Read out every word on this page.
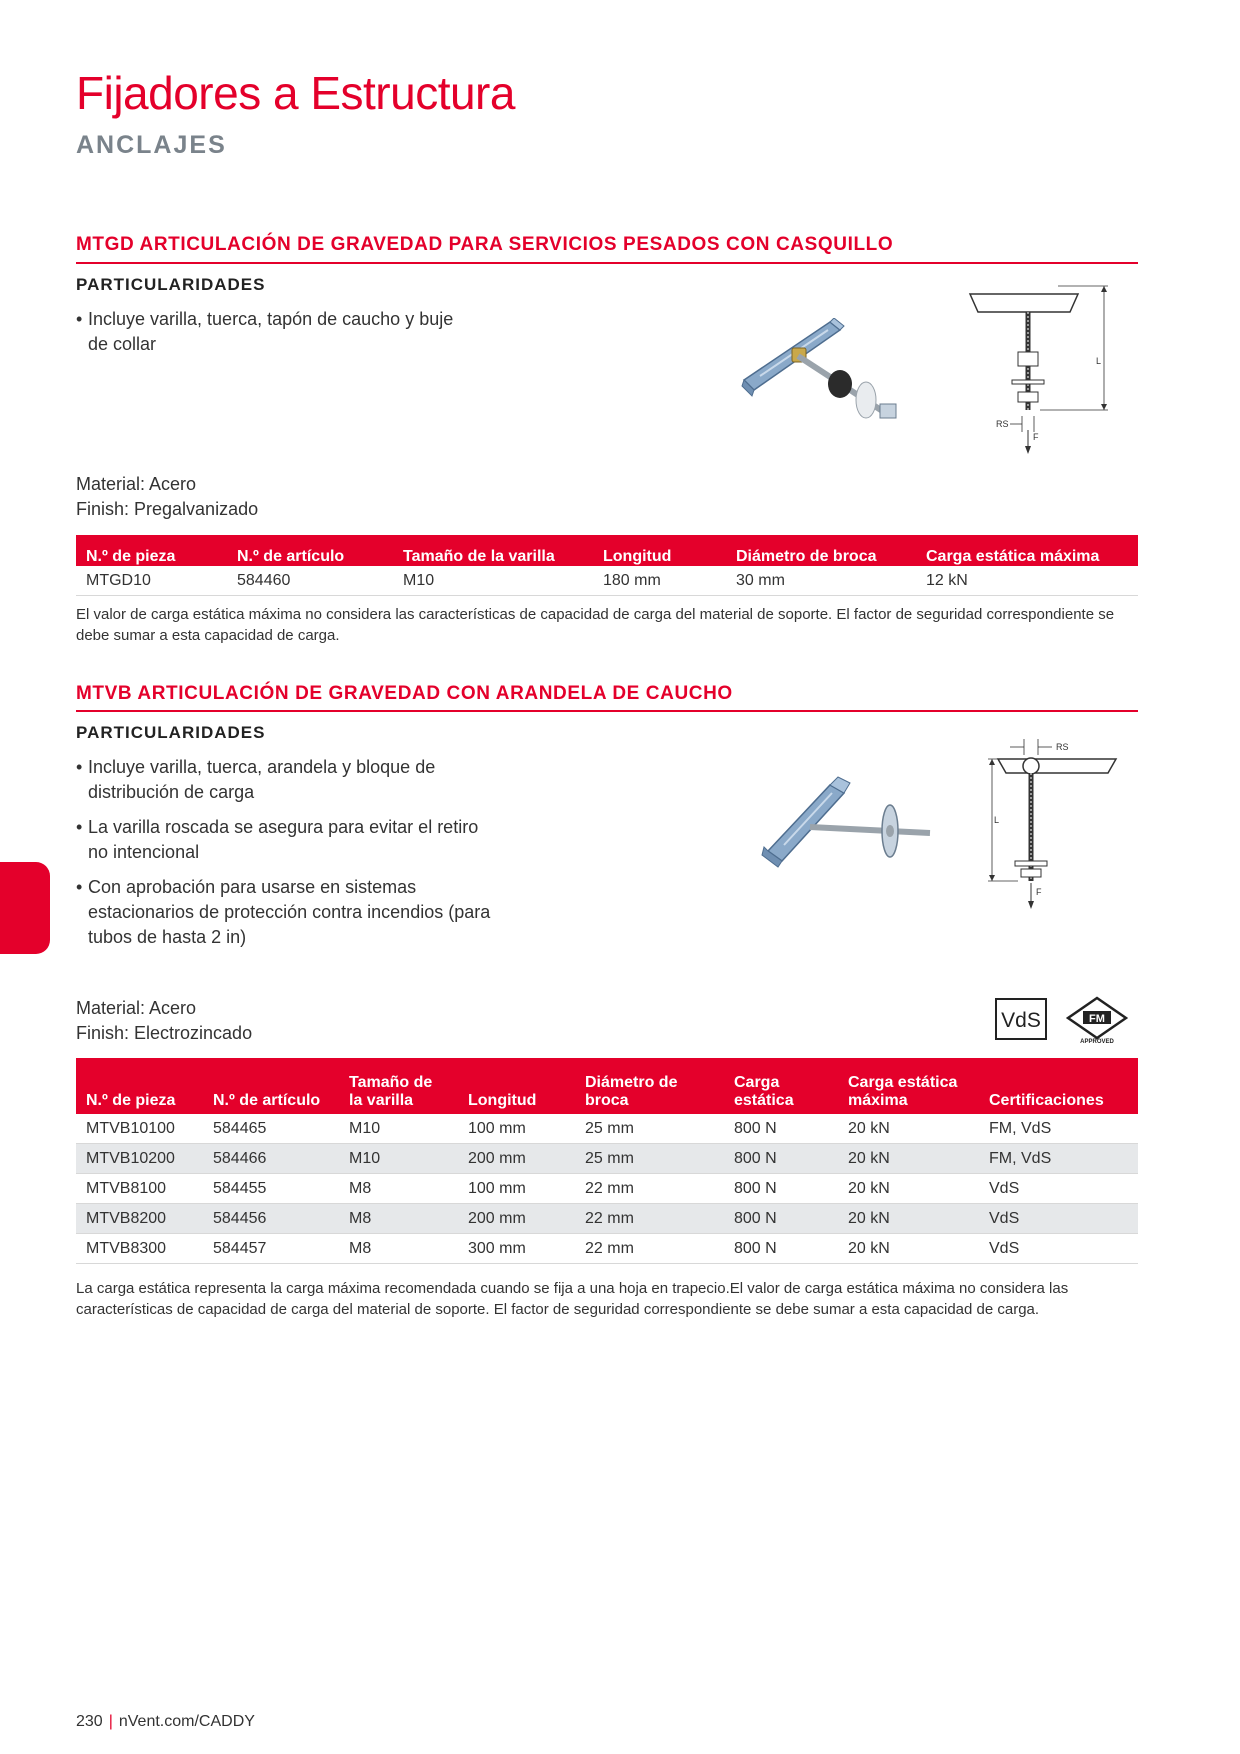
Fijadores a Estructura
ANCLAJES
MTGD ARTICULACIÓN DE GRAVEDAD PARA SERVICIOS PESADOS CON CASQUILLO
PARTICULARIDADES
• Incluye varilla, tuerca, tapón de caucho y buje de collar
L
RS
F
Material: Acero
Finish: Pregalvanizado
N.º de pieza	N.º de artículo	Tamaño de la varilla	Longitud	Diámetro de broca	Carga estática máxima
MTGD10	584460	M10	180 mm	30 mm	12 kN
El valor de carga estática máxima no considera las características de capacidad de carga del material de soporte. El factor de seguridad correspondiente se debe sumar a esta capacidad de carga.
MTVB ARTICULACIÓN DE GRAVEDAD CON ARANDELA DE CAUCHO
PARTICULARIDADES
• Incluye varilla, tuerca, arandela y bloque de distribución de carga
• La varilla roscada se asegura para evitar el retiro no intencional
• Con aprobación para usarse en sistemas estacionarios de protección contra incendios (para tubos de hasta 2 in)
RS
L
F
Material: Acero
Finish: Electrozincado
VdS	FM
APPROVED
N.º de pieza	N.º de artículo	Tamaño de la varilla	Longitud	Diámetro de broca	Carga estática	Carga estática máxima	Certificaciones
MTVB10100	584465	M10	100 mm	25 mm	800 N	20 kN	FM, VdS
MTVB10200	584466	M10	200 mm	25 mm	800 N	20 kN	FM, VdS
MTVB8100	584455	M8	100 mm	22 mm	800 N	20 kN	VdS
MTVB8200	584456	M8	200 mm	22 mm	800 N	20 kN	VdS
MTVB8300	584457	M8	300 mm	22 mm	800 N	20 kN	VdS
La carga estática representa la carga máxima recomendada cuando se fija a una hoja en trapecio.El valor de carga estática máxima no considera las características de capacidad de carga del material de soporte. El factor de seguridad correspondiente se debe sumar a esta capacidad de carga.
230 | nVent.com/CADDY
